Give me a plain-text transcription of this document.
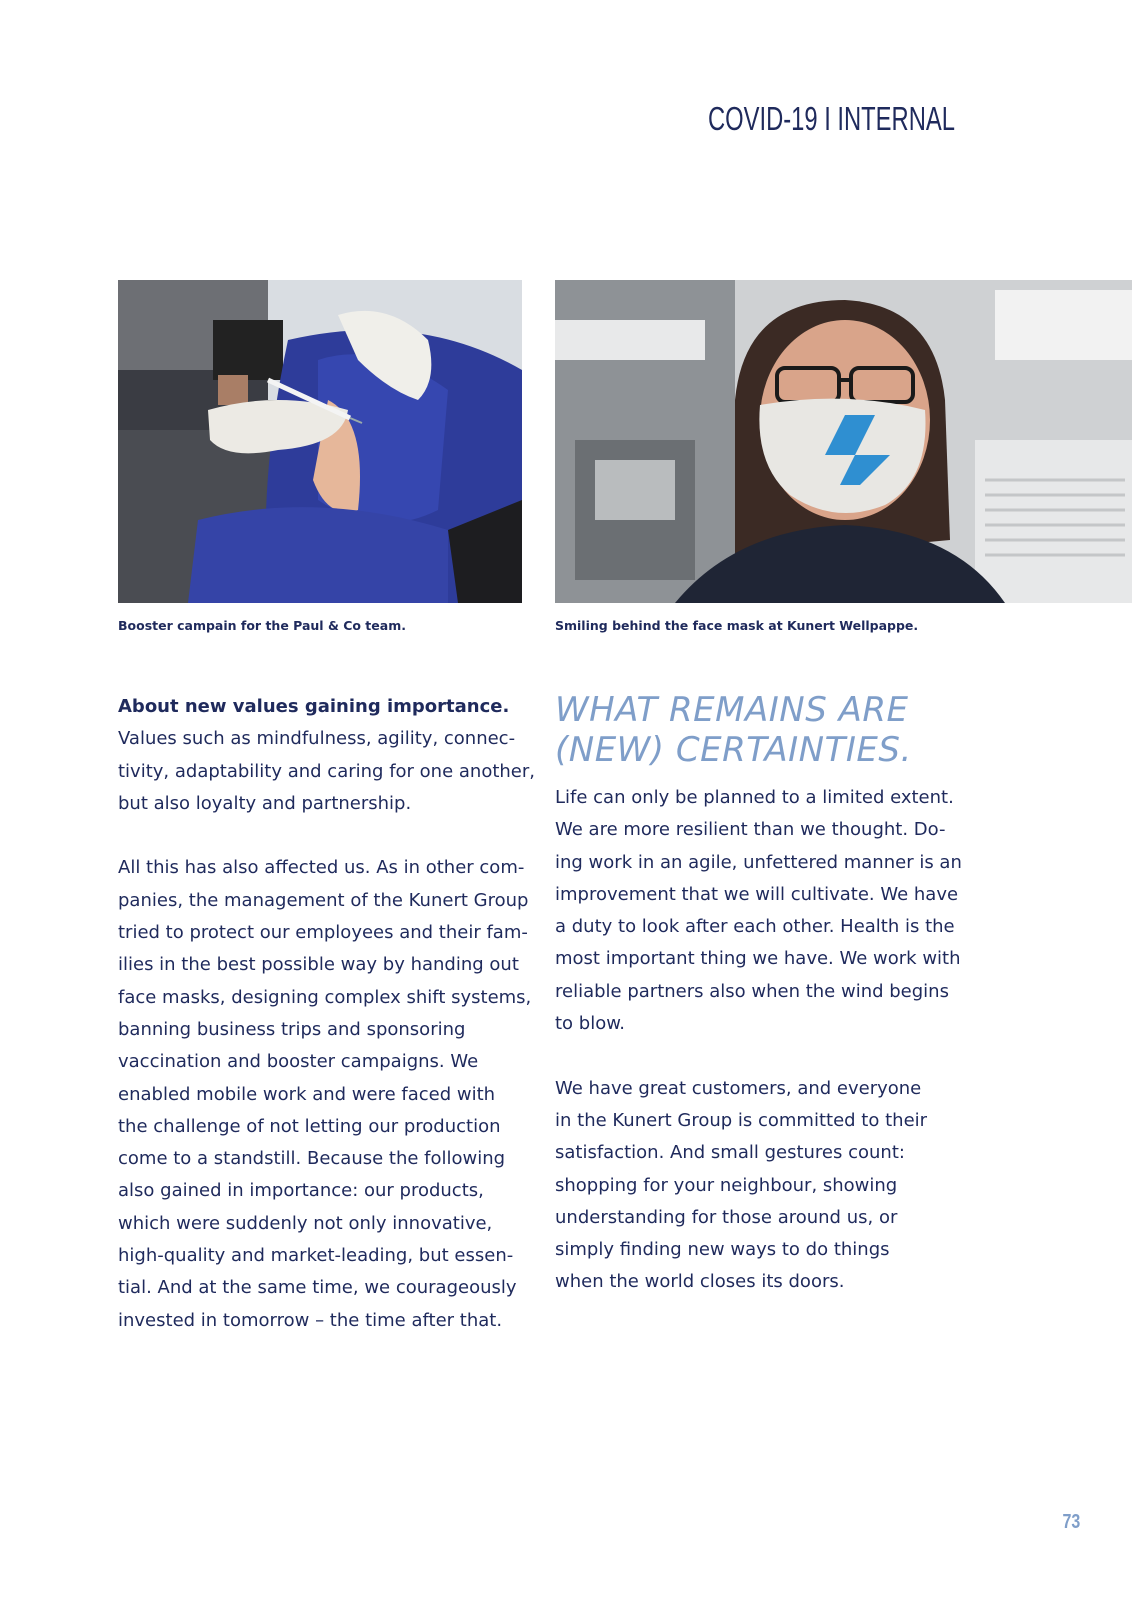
COVID-19 I INTERNAL
Booster campain for the Paul & Co team.	Smiling behind the face mask at Kunert Wellpappe.

About new values gaining importance.

Values such as mindfulness, agility, connec-

tivity, adaptability and caring for one another,

but also loyalty and partnership.

All this has also affected us. As in other com-

panies, the management of the Kunert Group

tried to protect our employees and their fam-

ilies in the best possible way by handing out

face masks, designing complex shift systems,

banning business trips and sponsoring

vaccination and booster campaigns. We

enabled mobile work and were faced with

the challenge of not letting our production

come to a standstill. Because the following

also gained in importance: our products,

which were suddenly not only innovative,

high-quality and market-leading, but essen-

tial. And at the same time, we courageously

invested in tomorrow – the time after that.

WHAT REMAINS ARE
(NEW) CERTAINTIES.

Life can only be planned to a limited extent.

We are more resilient than we thought. Do-

ing work in an agile, unfettered manner is an

improvement that we will cultivate. We have

a duty to look after each other. Health is the

most important thing we have. We work with

reliable partners also when the wind begins

to blow.

We have great customers, and everyone

in the Kunert Group is committed to their

satisfaction. And small gestures count:

shopping for your neighbour, showing

understanding for those around us, or

simply finding new ways to do things

when the world closes its doors.

73
